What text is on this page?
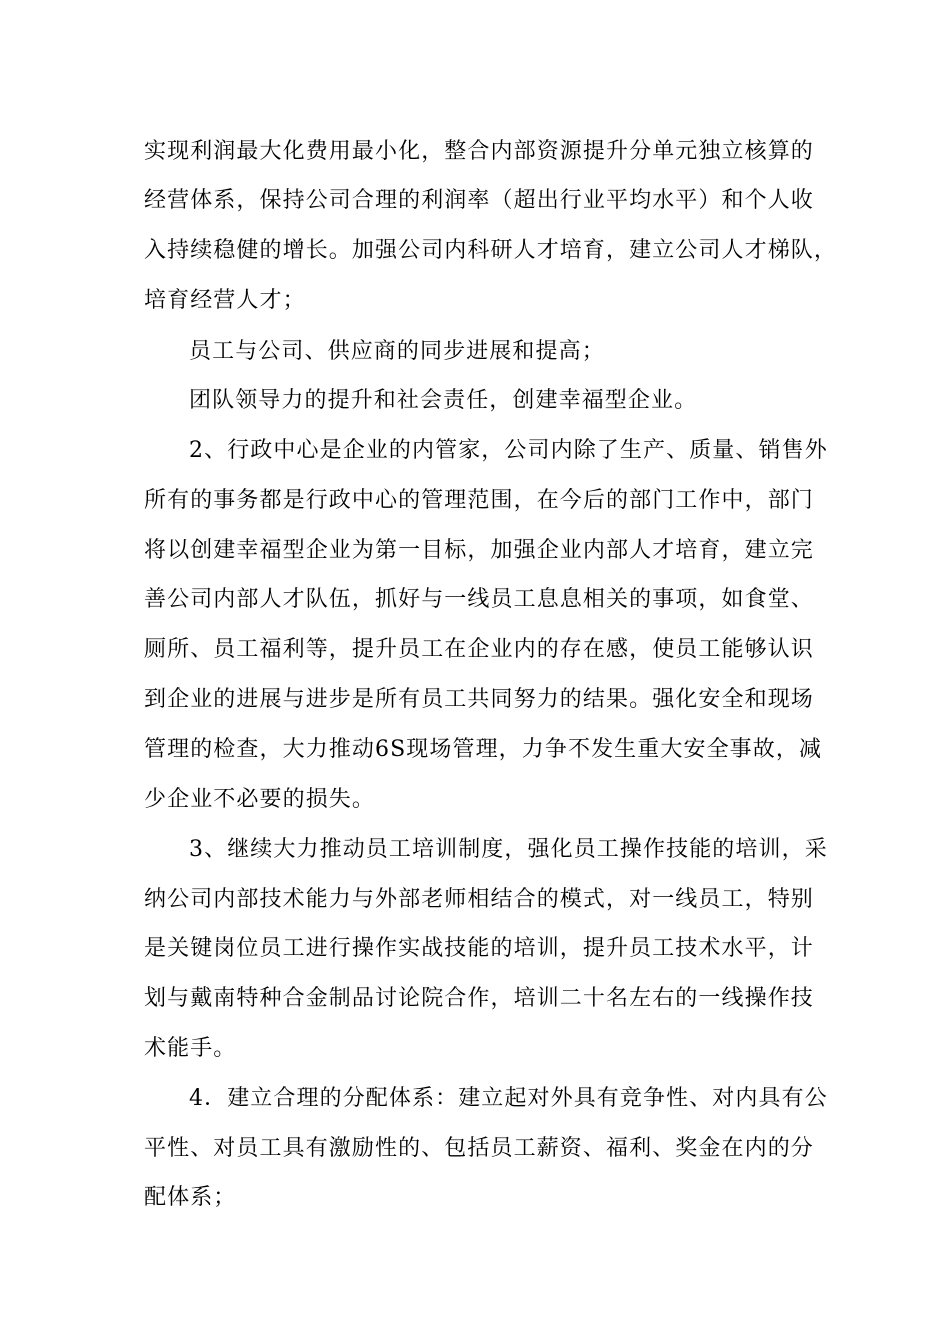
实现利润最大化费用最小化，整合内部资源提升分单元独立核算的
经营体系，保持公司合理的利润率（超出行业平均水平）和个人收
入持续稳健的增长。加强公司内科研人才培育，建立公司人才梯队，
培育经营人才；
员工与公司、供应商的同步进展和提高；
团队领导力的提升和社会责任，创建幸福型企业。
2、行政中心是企业的内管家，公司内除了生产、质量、销售外
所有的事务都是行政中心的管理范围，在今后的部门工作中，部门
将以创建幸福型企业为第一目标，加强企业内部人才培育，建立完
善公司内部人才队伍，抓好与一线员工息息相关的事项，如食堂、
厕所、员工福利等，提升员工在企业内的存在感，使员工能够认识
到企业的进展与进步是所有员工共同努力的结果。强化安全和现场
管理的检查，大力推动6S现场管理，力争不发生重大安全事故，减
少企业不必要的损失。
3、继续大力推动员工培训制度，强化员工操作技能的培训，采
纳公司内部技术能力与外部老师相结合的模式，对一线员工，特别
是关键岗位员工进行操作实战技能的培训，提升员工技术水平，计
划与戴南特种合金制品讨论院合作，培训二十名左右的一线操作技
术能手。
4．建立合理的分配体系：建立起对外具有竞争性、对内具有公
平性、对员工具有激励性的、包括员工薪资、福利、奖金在内的分
配体系；
